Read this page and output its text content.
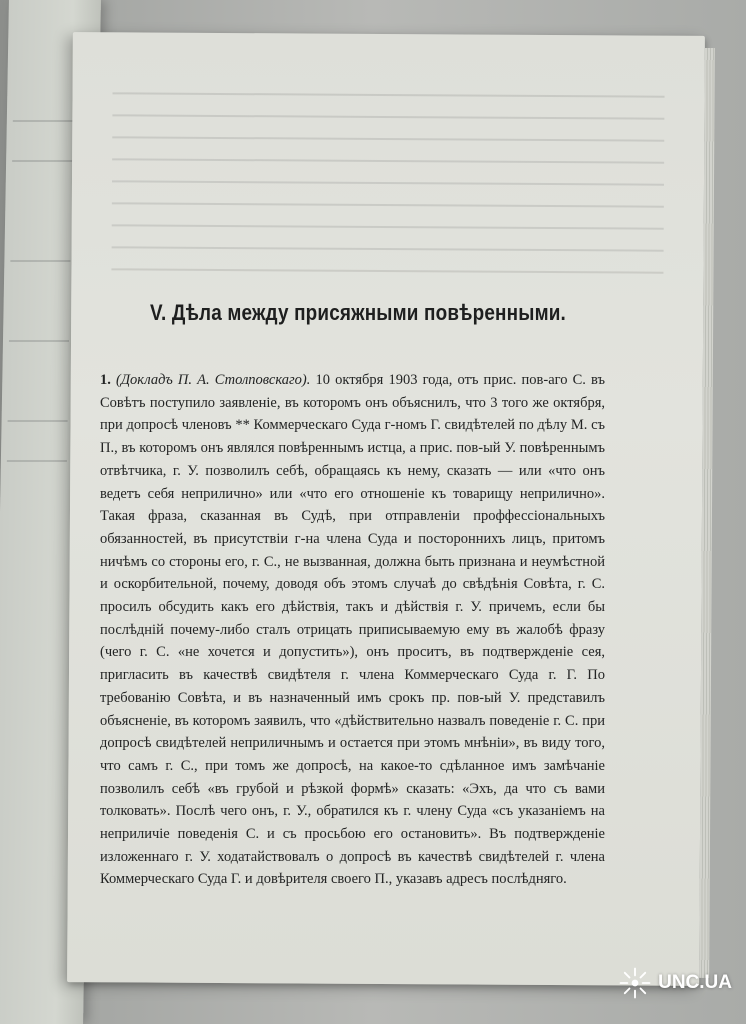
V. Дѣла между присяжными повѣренными.
1. (Докладъ П. А. Столповскаго). 10 октября 1903 года, отъ прис. пов-аго С. въ Совѣтъ поступило заявленіе, въ которомъ онъ объяснилъ, что 3 того же октября, при допросѣ членовъ ** Коммерческаго Суда г-номъ Г. свидѣтелей по дѣлу М. съ П., въ которомъ онъ являлся повѣреннымъ истца, а прис. пов-ый У. повѣреннымъ отвѣтчика, г. У. позволилъ себѣ, обращаясь къ нему, сказать — или «что онъ ведетъ себя неприлично» или «что его отношеніе къ товарищу неприлично». Такая фраза, сказанная въ Судѣ, при отправленіи проффессіональныхъ обязанностей, въ присутствіи г-на члена Суда и постороннихъ лицъ, притомъ ничѣмъ со стороны его, г. С., не вызванная, должна быть признана и неумѣстной и оскорбительной, почему, доводя объ этомъ случаѣ до свѣдѣнія Совѣта, г. С. просилъ обсудить какъ его дѣйствія, такъ и дѣйствія г. У. причемъ, если бы послѣдній почему-либо сталъ отрицать приписываемую ему въ жалобѣ фразу (чего г. С. «не хочется и допустить»), онъ проситъ, въ подтвержденіе сея, пригласить въ качествѣ свидѣтеля г. члена Коммерческаго Суда г. Г. По требованію Совѣта, и въ назначенный имъ срокъ пр. пов-ый У. представилъ объясненіе, въ которомъ заявилъ, что «дѣйствительно назвалъ поведеніе г. С. при допросѣ свидѣтелей неприличнымъ и остается при этомъ мнѣніи», въ виду того, что самъ г. С., при томъ же допросѣ, на какое-то сдѣланное имъ замѣчаніе позволилъ себѣ «въ грубой и рѣзкой формѣ» сказать: «Эхъ, да что съ вами толковать». Послѣ чего онъ, г. У., обратился къ г. члену Суда «съ указаніемъ на неприличіе поведенія С. и съ просьбою его остановить». Въ подтвержденіе изложеннаго г. У. ходатайствовалъ о допросѣ въ качествѣ свидѣтелей г. члена Коммерческаго Суда Г. и довѣрителя своего П., указавъ адресъ послѣдняго.
UNC.UA
